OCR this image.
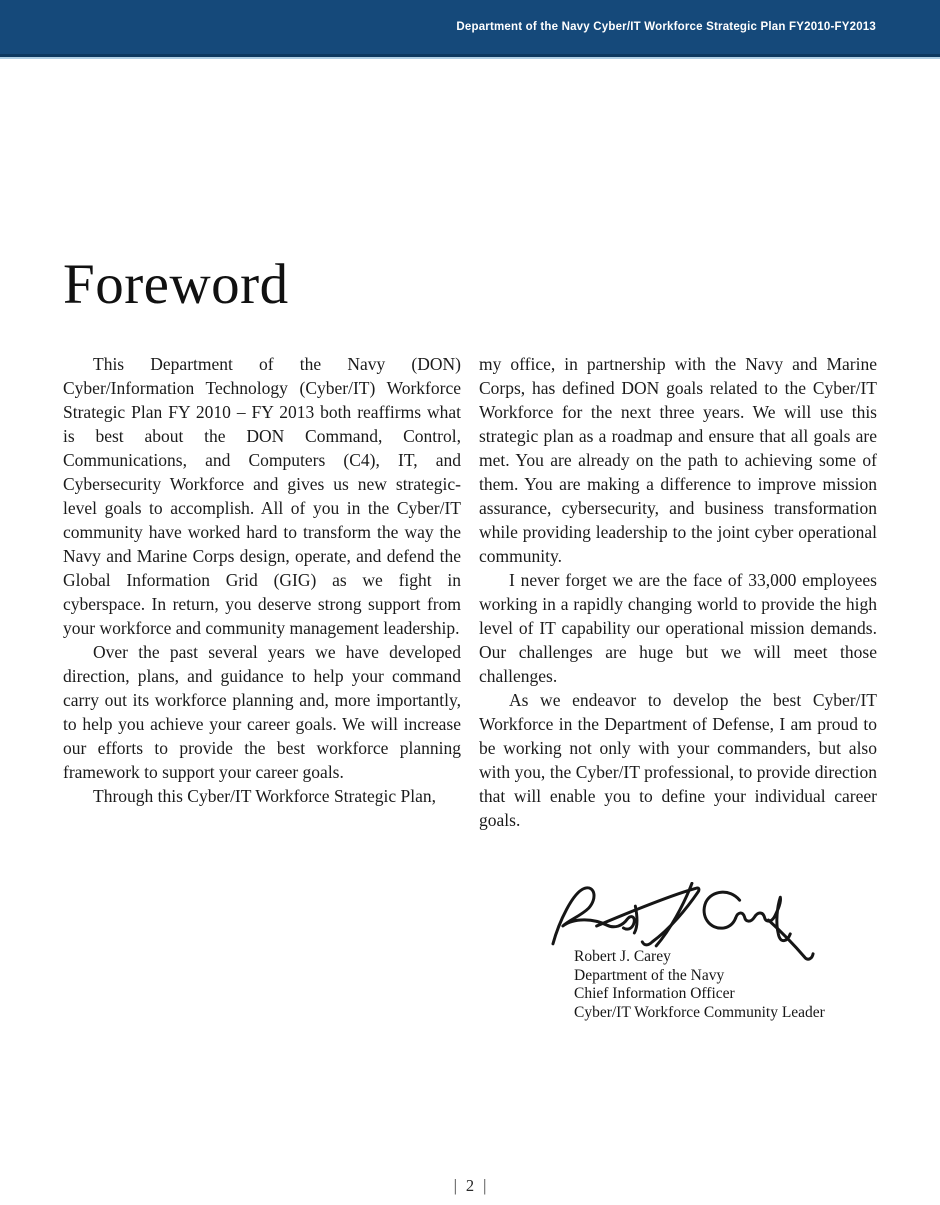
Department of the Navy Cyber/IT Workforce Strategic Plan FY2010-FY2013
Foreword

This Department of the Navy (DON) Cyber/Information Technology (Cyber/IT) Workforce Strategic Plan FY 2010 – FY 2013 both reaffirms what is best about the DON Command, Control, Communications, and Computers (C4), IT, and Cybersecurity Workforce and gives us new strategic-level goals to accomplish. All of you in the Cyber/IT community have worked hard to transform the way the Navy and Marine Corps design, operate, and defend the Global Information Grid (GIG) as we fight in cyberspace. In return, you deserve strong support from your workforce and community management leadership.

Over the past several years we have developed direction, plans, and guidance to help your command carry out its workforce planning and, more importantly, to help you achieve your career goals. We will increase our efforts to provide the best workforce planning framework to support your career goals.

Through this Cyber/IT Workforce Strategic Plan,

my office, in partnership with the Navy and Marine Corps, has defined DON goals related to the Cyber/IT Workforce for the next three years. We will use this strategic plan as a roadmap and ensure that all goals are met. You are already on the path to achieving some of them. You are making a difference to improve mission assurance, cybersecurity, and business transformation while providing leadership to the joint cyber operational community.

I never forget we are the face of 33,000 employees working in a rapidly changing world to provide the high level of IT capability our operational mission demands. Our challenges are huge but we will meet those challenges.

As we endeavor to develop the best Cyber/IT Workforce in the Department of Defense, I am proud to be working not only with your commanders, but also with you, the Cyber/IT professional, to provide direction that will enable you to define your individual career goals.

Robert J. Carey
Department of the Navy
Chief Information Officer
Cyber/IT Workforce Community Leader
| 2 |
